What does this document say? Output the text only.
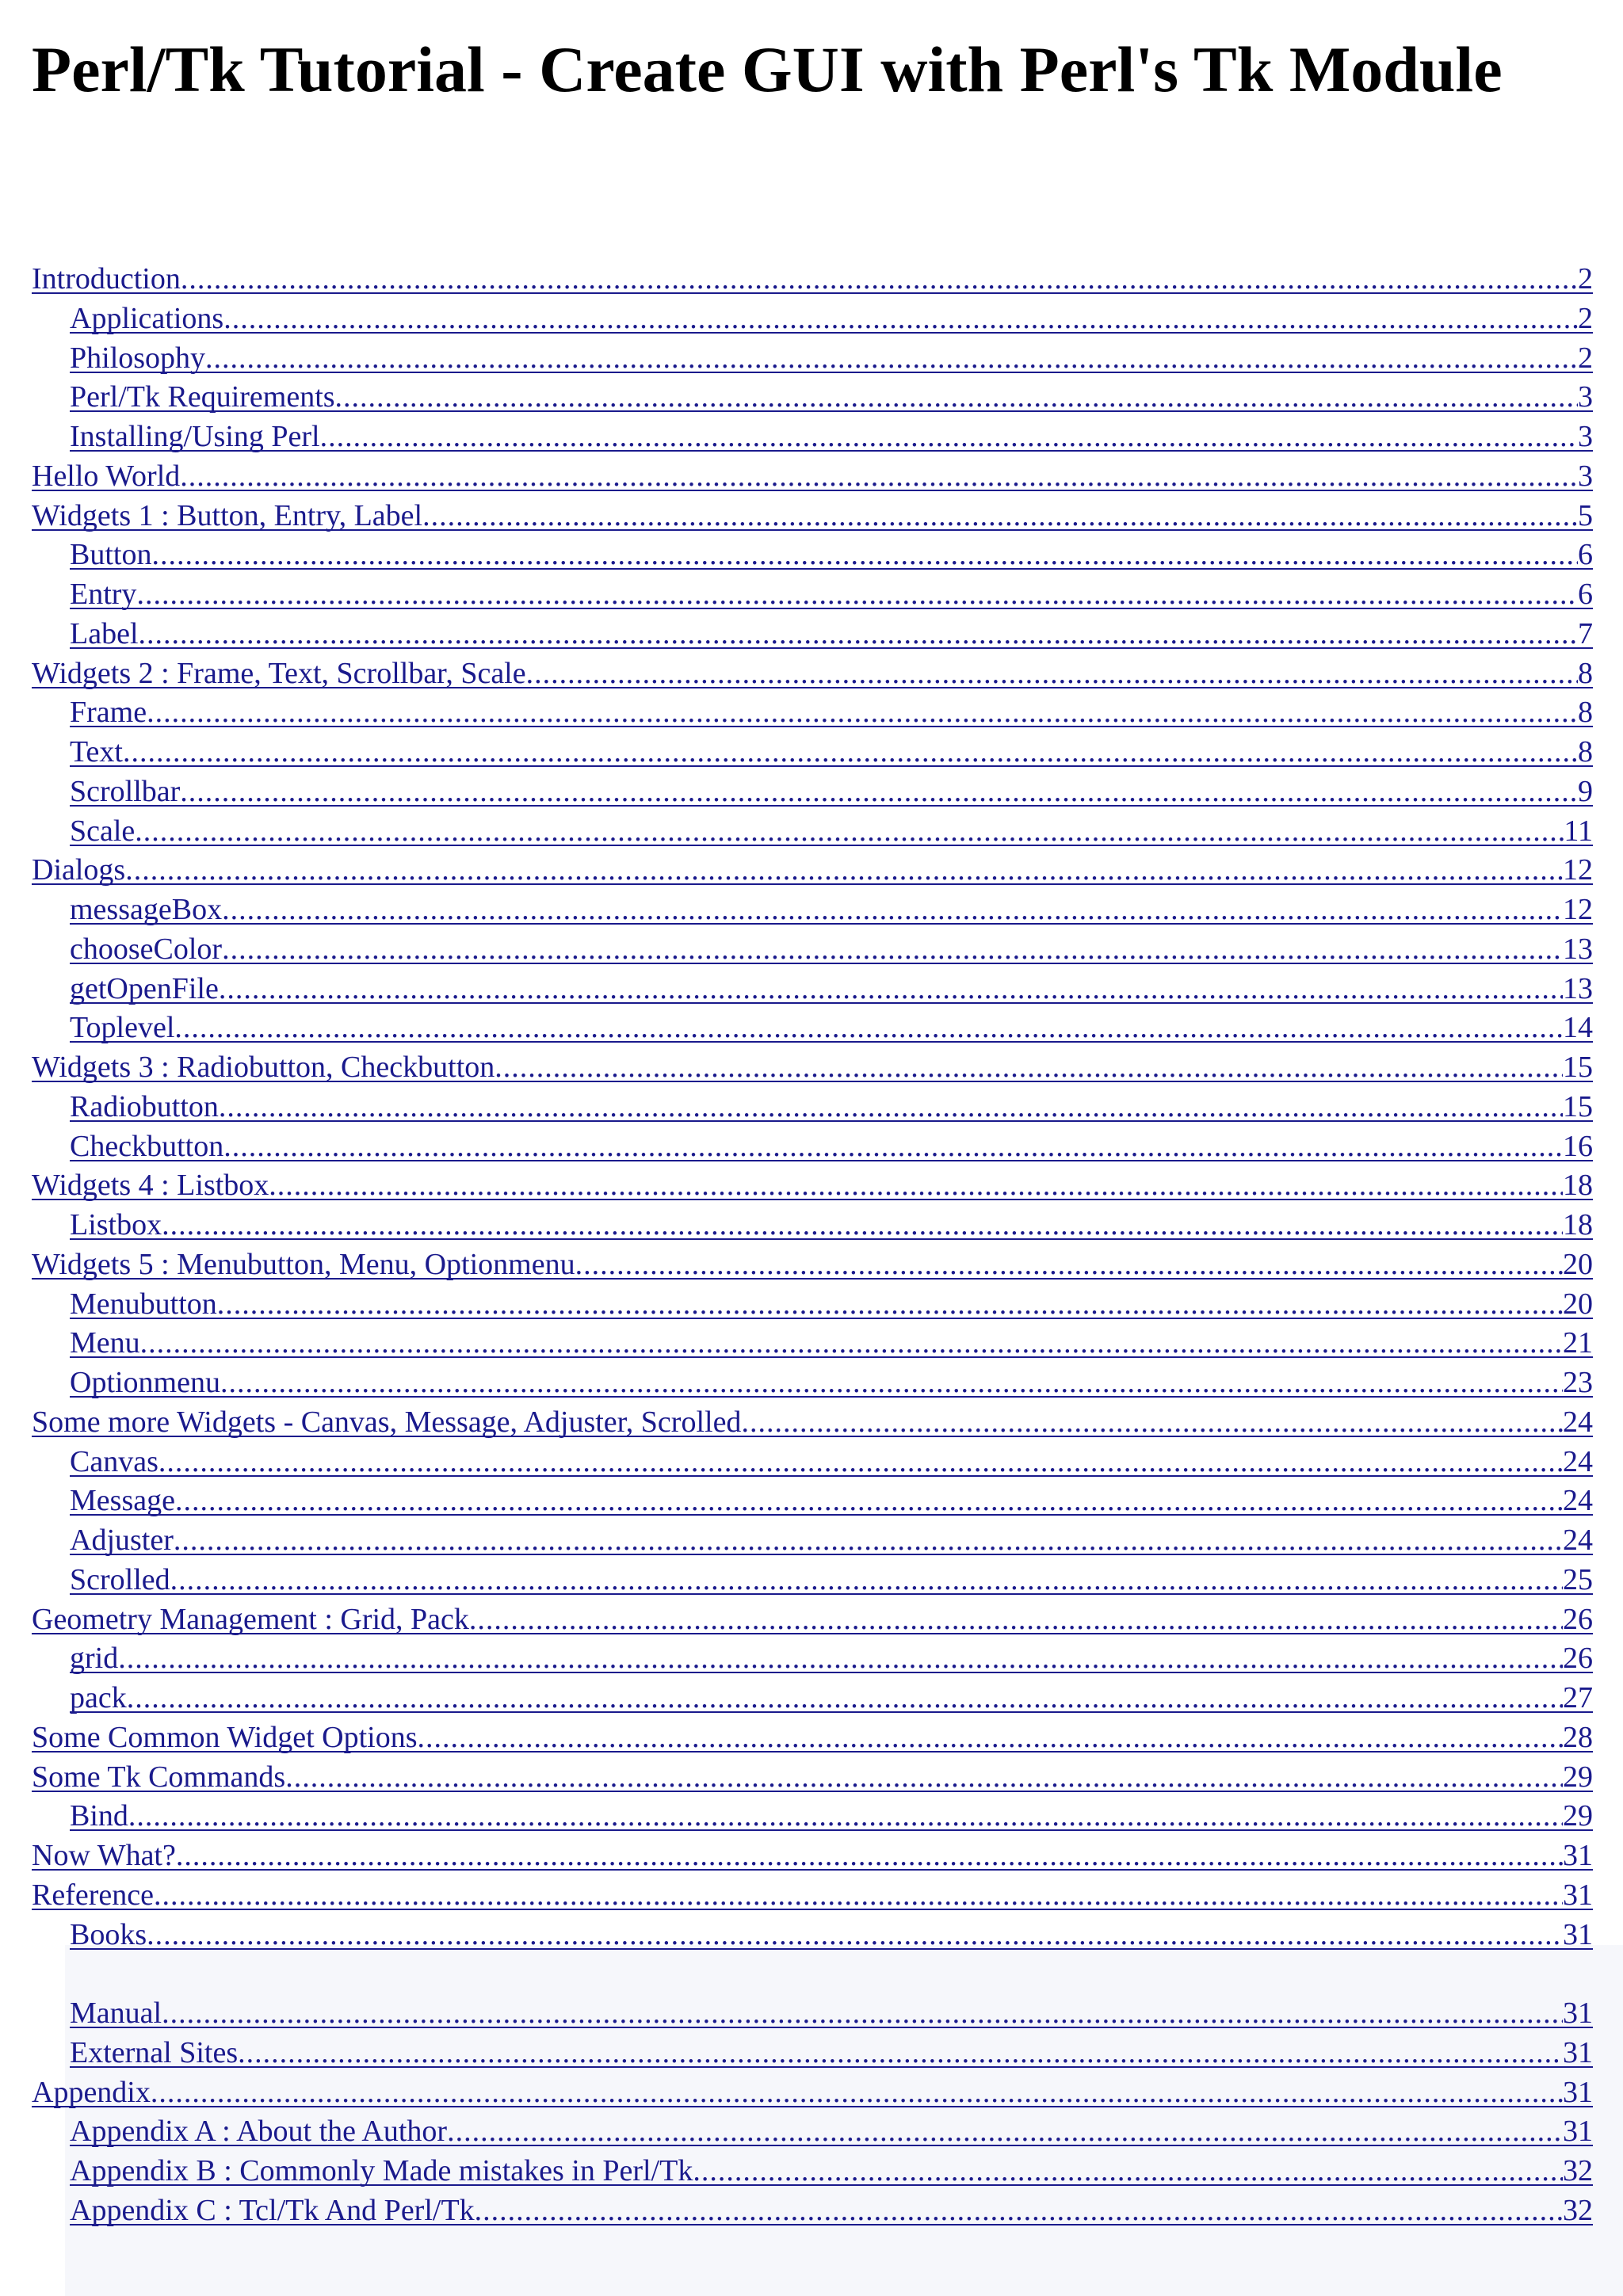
Perl/Tk Tutorial - Create GUI with Perl's Tk Module
Introduction .....	2
Applications .....	2
Philosophy .....	2
Perl/Tk Requirements .....	3
Installing/Using Perl .....	3
Hello World .....	3
Widgets 1 : Button, Entry, Label .....	5
Button .....	6
Entry .....	6
Label .....	7
Widgets 2 : Frame, Text, Scrollbar, Scale .....	8
Frame .....	8
Text .....	8
Scrollbar .....	9
Scale .....	11
Dialogs .....	12
messageBox .....	12
chooseColor .....	13
getOpenFile .....	13
Toplevel .....	14
Widgets 3 : Radiobutton, Checkbutton .....	15
Radiobutton .....	15
Checkbutton .....	16
Widgets 4 : Listbox .....	18
Listbox .....	18
Widgets 5 : Menubutton, Menu, Optionmenu .....	20
Menubutton .....	20
Menu .....	21
Optionmenu .....	23
Some more Widgets - Canvas, Message, Adjuster, Scrolled .....	24
Canvas .....	24
Message .....	24
Adjuster .....	24
Scrolled .....	25
Geometry Management : Grid, Pack .....	26
grid .....	26
pack .....	27
Some Common Widget Options .....	28
Some Tk Commands .....	29
Bind .....	29
Now What? .....	31
Reference .....	31
Books .....	31
Manual .....	31
External Sites .....	31
Appendix .....	31
Appendix A : About the Author .....	31
Appendix B : Commonly Made mistakes in Perl/Tk .....	32
Appendix C : Tcl/Tk And Perl/Tk .....	32
